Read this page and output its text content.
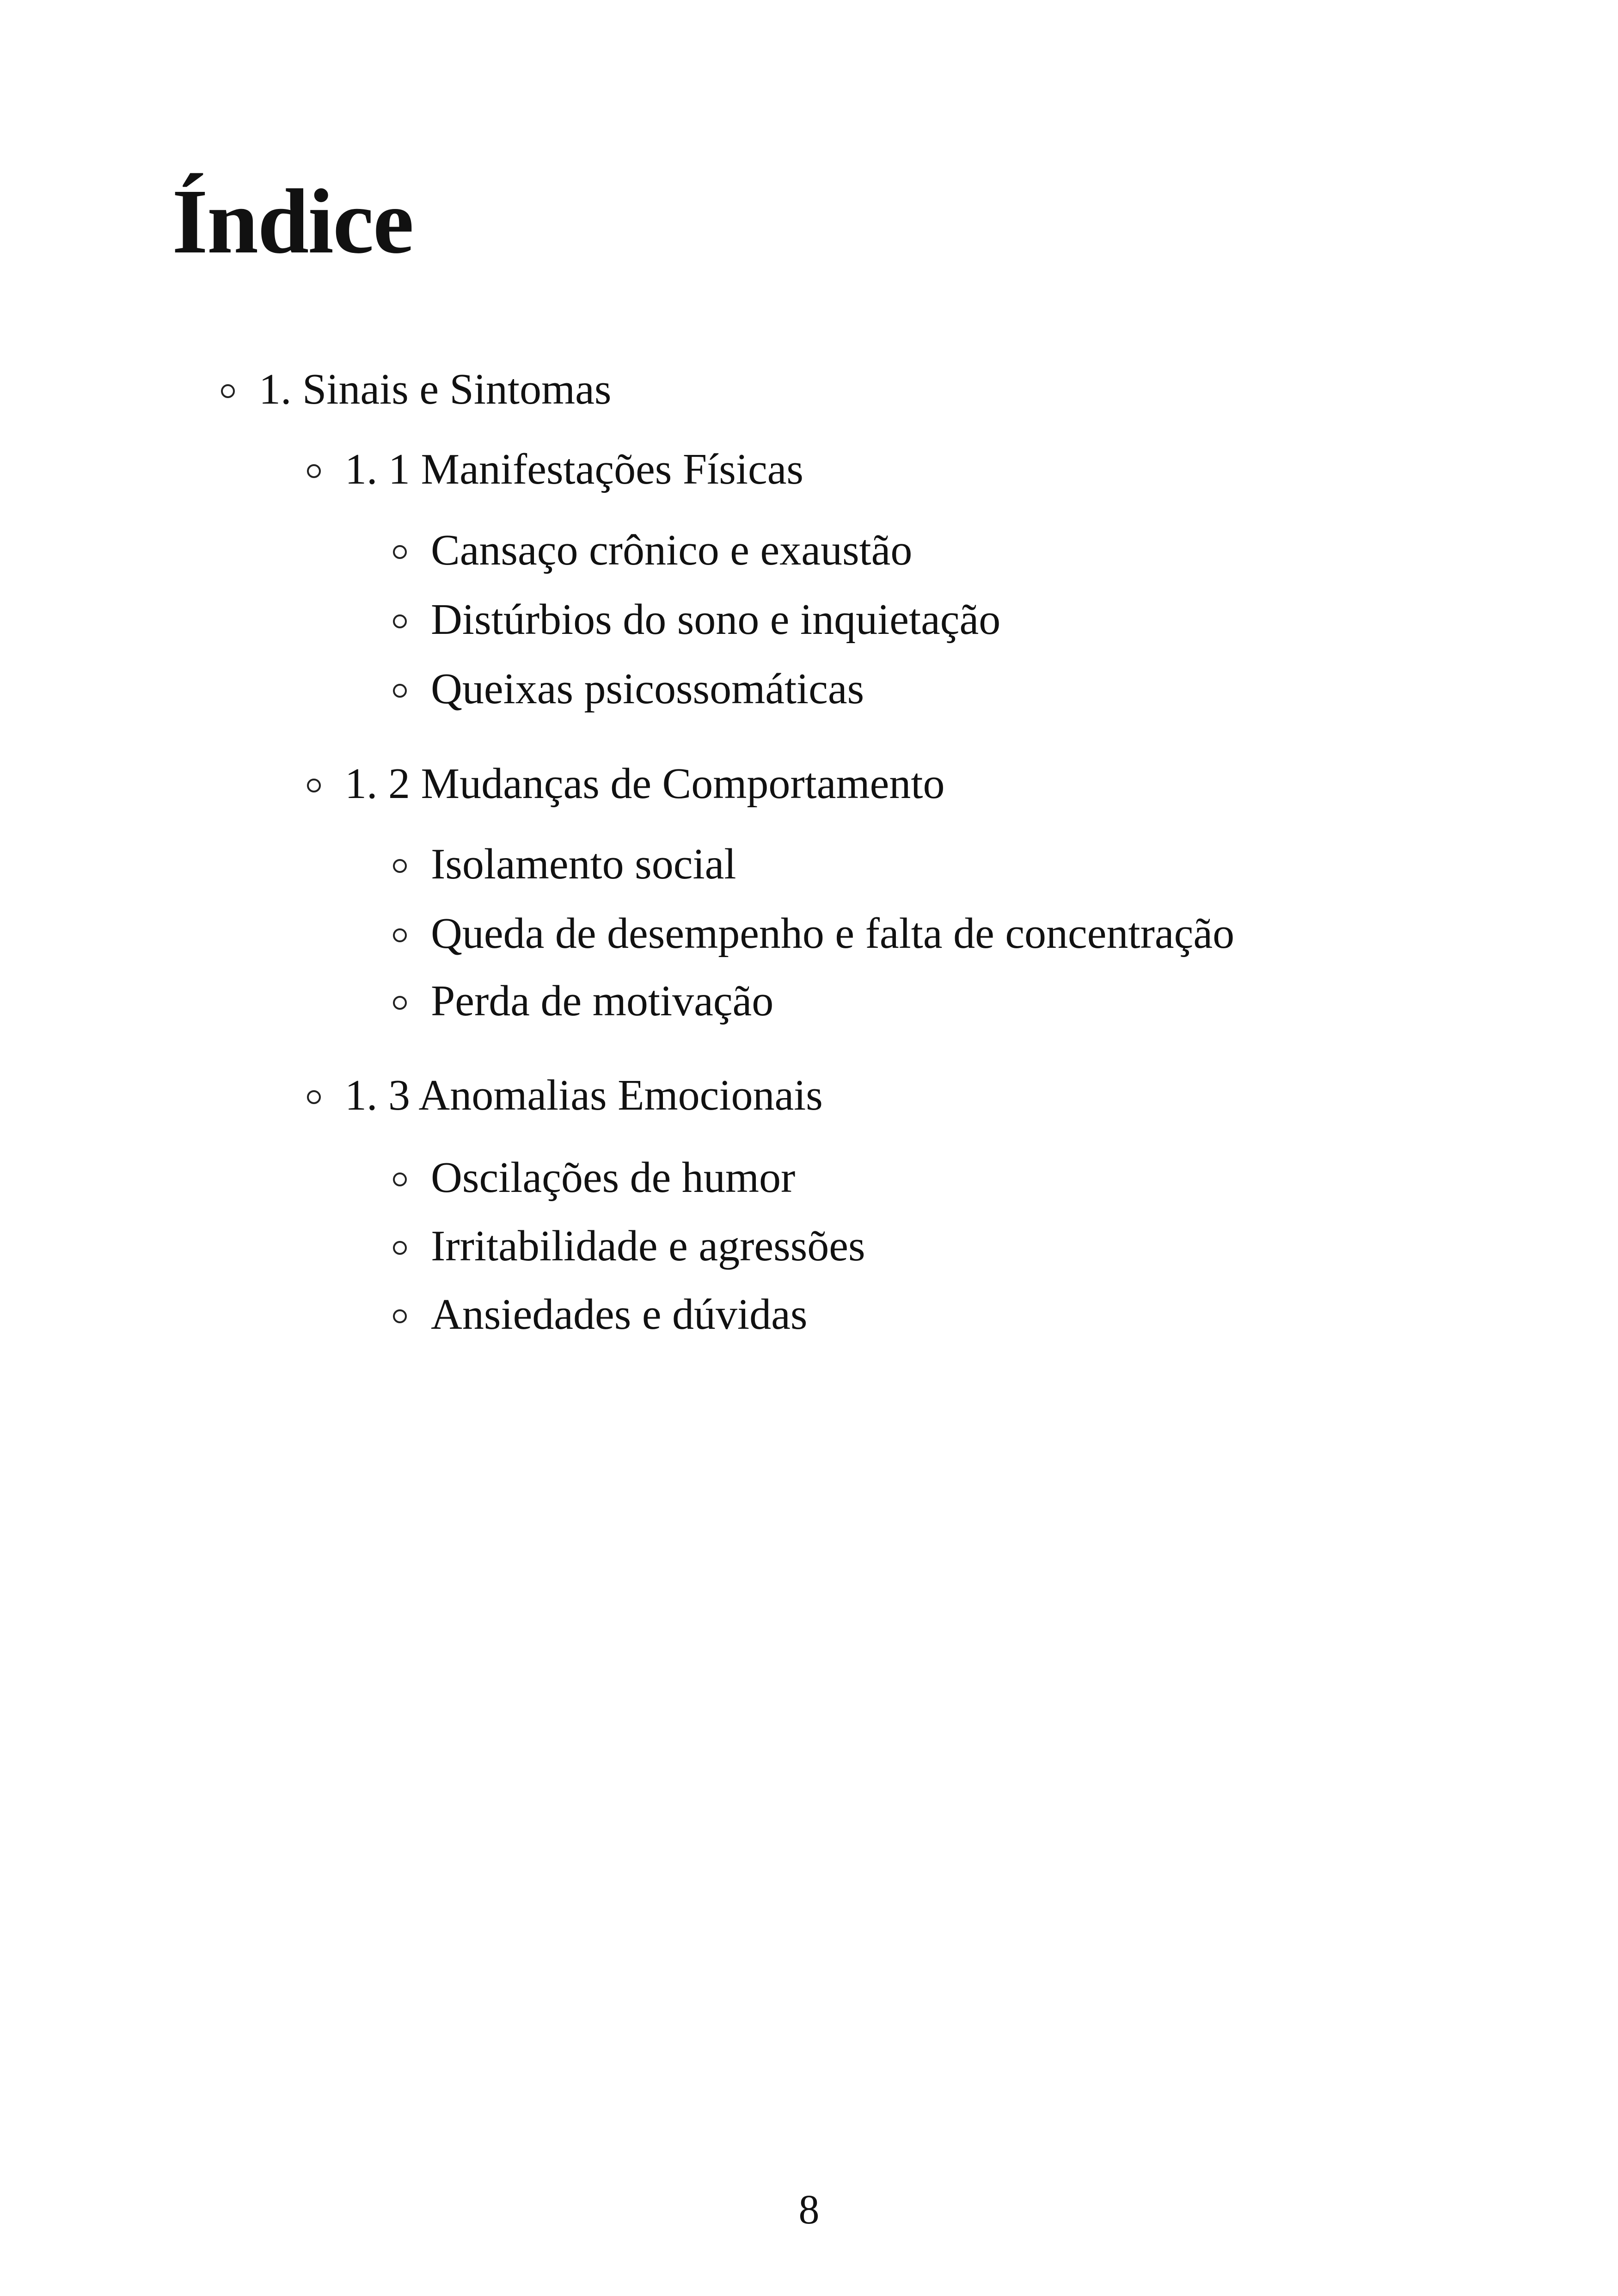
Índice
1. Sinais e Sintomas
1. 1 Manifestações Físicas
Cansaço crônico e exaustão
Distúrbios do sono e inquietação
Queixas psicossomáticas
1. 2 Mudanças de Comportamento
Isolamento social
Queda de desempenho e falta de concentração
Perda de motivação
1. 3 Anomalias Emocionais
Oscilações de humor
Irritabilidade e agressões
Ansiedades e dúvidas
8
